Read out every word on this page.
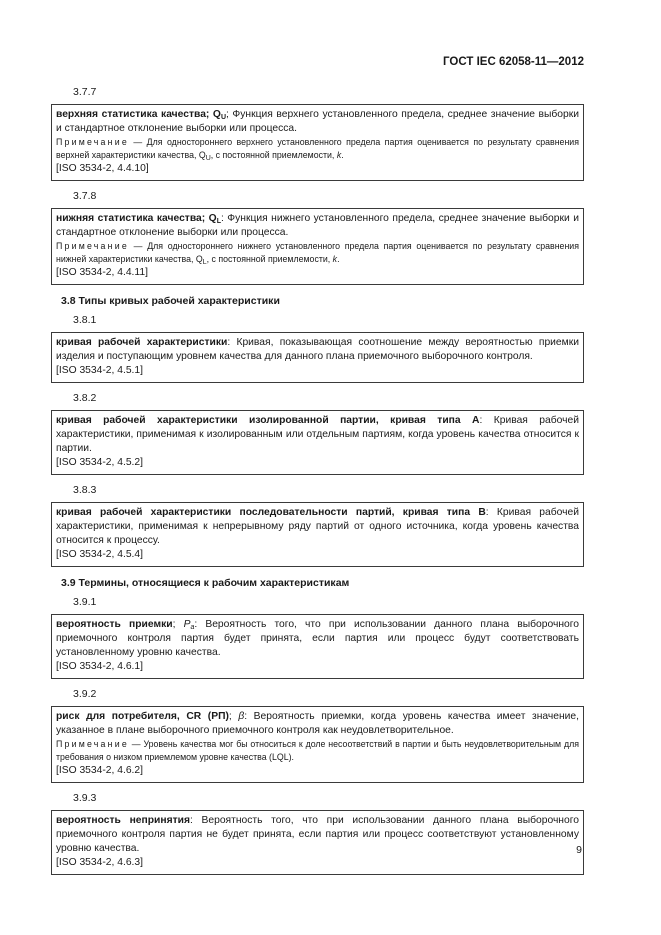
ГОСТ IEC 62058-11—2012
3.7.7

верхняя статистика качества; $Q_U$; Функция верхнего установленного предела, среднее значение выборки и стандартное отклонение выборки или процесса.

Примечание — Для одностороннего верхнего установленного предела партия оценивается по результату сравнения верхней характеристики качества, $Q_U$, с постоянной приемлемости, k.

[ISO 3534-2, 4.4.10]

3.7.8

нижняя статистика качества; $Q_L$: Функция нижнего установленного предела, среднее значение выборки и стандартное отклонение выборки или процесса.

Примечание — Для одностороннего нижнего установленного предела партия оценивается по результату сравнения нижней характеристики качества, $Q_L$, с постоянной приемлемости, k.

[ISO 3534-2, 4.4.11]

3.8 Типы кривых рабочей характеристики
3.8.1

кривая рабочей характеристики: Кривая, показывающая соотношение между вероятностью приемки изделия и поступающим уровнем качества для данного плана приемочного выборочного контроля.

[ISO 3534-2, 4.5.1]

3.8.2

кривая рабочей характеристики изолированной партии, кривая типа А: Кривая рабочей характеристики, применимая к изолированным или отдельным партиям, когда уровень качества относится к партии.

[ISO 3534-2, 4.5.2]

3.8.3

кривая рабочей характеристики последовательности партий, кривая типа В: Кривая рабочей характеристики, применимая к непрерывному ряду партий от одного источника, когда уровень качества относится к процессу.

[ISO 3534-2, 4.5.4]

3.9 Термины, относящиеся к рабочим характеристикам
3.9.1

вероятность приемки; $P_a$: Вероятность того, что при использовании данного плана выборочного приемочного контроля партия будет принята, если партия или процесс будут соответствовать установленному уровню качества.

[ISO 3534-2, 4.6.1]

3.9.2

риск для потребителя, CR (РП); β: Вероятность приемки, когда уровень качества имеет значение, указанное в плане выборочного приемочного контроля как неудовлетворительное.

Примечание — Уровень качества мог бы относиться к доле несоответствий в партии и быть неудовлетворительным для требования о низком приемлемом уровне качества (LQL).

[ISO 3534-2, 4.6.2]

3.9.3

вероятность непринятия: Вероятность того, что при использовании данного плана выборочного приемочного контроля партия не будет принята, если партия или процесс соответствуют установленному уровню качества.

[ISO 3534-2, 4.6.3]

9
